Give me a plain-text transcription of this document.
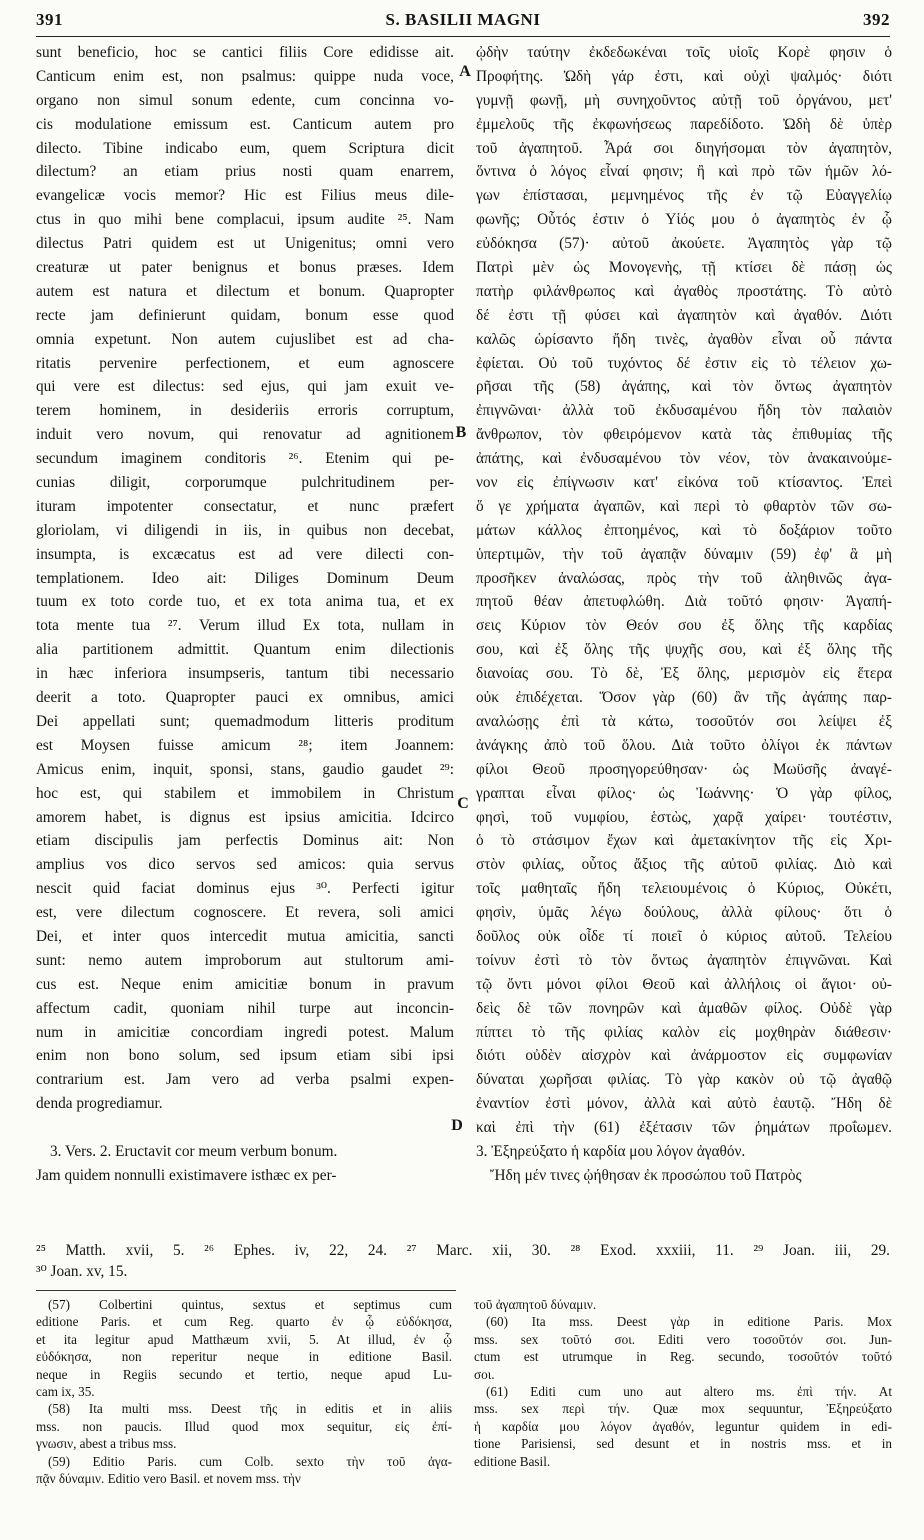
391	S. BASILII MAGNI	392
sunt beneficio, hoc se cantici filiis Core edidisse ait.
Canticum enim est, non psalmus: quippe nuda voce,
organo non simul sonum edente, cum concinna vo-
cis modulatione emissum est. Canticum autem pro
dilecto. Tibine indicabo eum, quem Scriptura dicit
dilectum? an etiam prius nosti quam enarrem,
evangelicæ vocis memor? Hic est Filius meus dile-
ctus in quo mihi bene complacui, ipsum audite ²⁵. Nam
dilectus Patri quidem est ut Unigenitus; omni vero
creaturæ ut pater benignus et bonus præses. Idem
autem est natura et dilectum et bonum. Quapropter
recte jam definierunt quidam, bonum esse quod
omnia expetunt. Non autem cujuslibet est ad cha-
ritatis pervenire perfectionem, et eum agnoscere
qui vere est dilectus: sed ejus, qui jam exuit ve-
terem hominem, in desideriis erroris corruptum,
induit vero novum, qui renovatur ad agnitionem
secundum imaginem conditoris ²⁶. Etenim qui pe-
cunias diligit, corporumque pulchritudinem per-
ituram impotenter consectatur, et nunc præfert
gloriolam, vi diligendi in iis, in quibus non decebat,
insumpta, is excæcatus est ad vere dilecti con-
templationem. Ideo ait: Diliges Dominum Deum
tuum ex toto corde tuo, et ex tota anima tua, et ex
tota mente tua ²⁷. Verum illud Ex tota, nullam in
alia partitionem admittit. Quantum enim dilectionis
in hæc inferiora insumpseris, tantum tibi necessario
deerit a toto. Quapropter pauci ex omnibus, amici
Dei appellati sunt; quemadmodum litteris proditum
est Moysen fuisse amicum ²⁸; item Joannem:
Amicus enim, inquit, sponsi, stans, gaudio gaudet ²⁹:
hoc est, qui stabilem et immobilem in Christum
amorem habet, is dignus est ipsius amicitia. Idcirco
etiam discipulis jam perfectis Dominus ait: Non
amplius vos dico servos sed amicos: quia servus
nescit quid faciat dominus ejus ³⁰. Perfecti igitur
est, vere dilectum cognoscere. Et revera, soli amici
Dei, et inter quos intercedit mutua amicitia, sancti
sunt: nemo autem improborum aut stultorum ami-
cus est. Neque enim amicitiæ bonum in pravum
affectum cadit, quoniam nihil turpe aut inconcin-
num in amicitiæ concordiam ingredi potest. Malum
enim non bono solum, sed ipsum etiam sibi ipsi
contrarium est. Jam vero ad verba psalmi expen-
denda progrediamur.
3. Vers. 2. Eructavit cor meum verbum bonum.
Jam quidem nonnulli existimavere isthæc ex per-
ᾠδὴν ταύτην ἐκδεδωκέναι τοῖς υἱοῖς Κορὲ φησιν ὁ
Προφήτης. Ὠδὴ γάρ ἐστι, καὶ οὐχὶ ψαλμός· διότι
γυμνῇ φωνῇ, μὴ συνηχοῦντος αὐτῇ τοῦ ὀργάνου, μετ'
ἐμμελοῦς τῆς ἐκφωνήσεως παρεδίδοτο. Ὠδὴ δὲ ὑπὲρ
τοῦ ἀγαπητοῦ. Ἆρά σοι διηγήσομαι τὸν ἀγαπητὸν,
ὅντινα ὁ λόγος εἶναί φησιν; ἢ καὶ πρὸ τῶν ἡμῶν λό-
γων ἐπίστασαι, μεμνημένος τῆς ἐν τῷ Εὐαγγελίῳ
φωνῆς; Οὗτός ἐστιν ὁ Υἱός μου ὁ ἀγαπητὸς ἐν ᾧ
εὐδόκησα (57)· αὐτοῦ ἀκούετε. Ἀγαπητὸς γὰρ τῷ
Πατρὶ μὲν ὡς Μονογενὴς, τῇ κτίσει δὲ πάσῃ ὡς
πατὴρ φιλάνθρωπος καὶ ἀγαθὸς προστάτης. Τὸ αὐτὸ
δέ ἐστι τῇ φύσει καὶ ἀγαπητὸν καὶ ἀγαθόν. Διότι
καλῶς ὡρίσαντο ἤδη τινὲς, ἀγαθὸν εἶναι οὗ πάντα
ἐφίεται. Οὐ τοῦ τυχόντος δέ ἐστιν εἰς τὸ τέλειον χω-
ρῆσαι τῆς (58) ἀγάπης, καὶ τὸν ὄντως ἀγαπητὸν
ἐπιγνῶναι· ἀλλὰ τοῦ ἐκδυσαμένου ἤδη τὸν παλαιὸν
ἄνθρωπον, τὸν φθειρόμενον κατὰ τὰς ἐπιθυμίας τῆς
ἀπάτης, καὶ ἐνδυσαμένου τὸν νέον, τὸν ἀνακαινούμε-
νον εἰς ἐπίγνωσιν κατ' εἰκόνα τοῦ κτίσαντος. Ἐπεὶ
ὅ γε χρήματα ἀγαπῶν, καὶ περὶ τὸ φθαρτὸν τῶν σω-
μάτων κάλλος ἐπτοημένος, καὶ τὸ δοξάριον τοῦτο
ὑπερτιμῶν, τὴν τοῦ ἀγαπᾷν δύναμιν (59) ἐφ' ἃ μὴ
προσῆκεν ἀναλώσας, πρὸς τὴν τοῦ ἀληθινῶς ἀγα-
πητοῦ θέαν ἀπετυφλώθη. Διὰ τοῦτό φησιν· Ἀγαπή-
σεις Κύριον τὸν Θεόν σου ἐξ ὅλης τῆς καρδίας
σου, καὶ ἐξ ὅλης τῆς ψυχῆς σου, καὶ ἐξ ὅλης τῆς
διανοίας σου. Τὸ δὲ, Ἐξ ὅλης, μερισμὸν εἰς ἕτερα
οὐκ ἐπιδέχεται. Ὅσον γὰρ (60) ἂν τῆς ἀγάπης παρ-
αναλώσῃς ἐπὶ τὰ κάτω, τοσοῦτόν σοι λείψει ἐξ
ἀνάγκης ἀπὸ τοῦ ὅλου. Διὰ τοῦτο ὀλίγοι ἐκ πάντων
φίλοι Θεοῦ προσηγορεύθησαν· ὡς Μωϋσῆς ἀναγέ-
γραπται εἶναι φίλος· ὡς Ἰωάννης· Ὁ γὰρ φίλος,
φησὶ, τοῦ νυμφίου, ἑστὼς, χαρᾷ χαίρει· τουτέστιν,
ὁ τὸ στάσιμον ἔχων καὶ ἀμετακίνητον τῆς εἰς Χρι-
στὸν φιλίας, οὗτος ἄξιος τῆς αὐτοῦ φιλίας. Διὸ καὶ
τοῖς μαθηταῖς ἤδη τελειουμένοις ὁ Κύριος, Οὐκέτι,
φησὶν, ὑμᾶς λέγω δούλους, ἀλλὰ φίλους· ὅτι ὁ
δοῦλος οὐκ οἶδε τί ποιεῖ ὁ κύριος αὐτοῦ. Τελείου
τοίνυν ἐστὶ τὸ τὸν ὄντως ἀγαπητὸν ἐπιγνῶναι. Καὶ
τῷ ὄντι μόνοι φίλοι Θεοῦ καὶ ἀλλήλοις οἱ ἅγιοι· οὐ-
δεὶς δὲ τῶν πονηρῶν καὶ ἀμαθῶν φίλος. Οὐδὲ γὰρ
πίπτει τὸ τῆς φιλίας καλὸν εἰς μοχθηρὰν διάθεσιν·
διότι οὐδὲν αἰσχρὸν καὶ ἀνάρμοστον εἰς συμφωνίαν
δύναται χωρῆσαι φιλίας. Τὸ γὰρ κακὸν οὐ τῷ ἀγαθῷ
ἐναντίον ἐστὶ μόνον, ἀλλὰ καὶ αὐτὸ ἑαυτῷ. Ἤδη δὲ
καὶ ἐπὶ τὴν (61) ἐξέτασιν τῶν ῥημάτων προΐωμεν.
3. Ἐξηρεύξατο ἡ καρδία μου λόγον ἀγαθόν.
Ἤδη μέν τινες ᾠήθησαν ἐκ προσώπου τοῦ Πατρὸς
A
B
C
D
²⁵ Matth. xvii, 5. ²⁶ Ephes. iv, 22, 24. ²⁷ Marc. xii, 30. ²⁸ Exod. xxxiii, 11. ²⁹ Joan. iii, 29.
³⁰ Joan. xv, 15.
(57) Colbertini quintus, sextus et septimus cum
editione Paris. et cum Reg. quarto ἐν ᾧ εὐδόκησα,
et ita legitur apud Matthæum xvii, 5. At illud, ἐν ᾧ
εὐδόκησα, non reperitur neque in editione Basil.
neque in Regiis secundo et tertio, neque apud Lu-
cam ix, 35.
(58) Ita multi mss. Deest τῆς in editis et in aliis
mss. non paucis. Illud quod mox sequitur, εἰς ἐπί-
γνωσιν, abest a tribus mss.
(59) Editio Paris. cum Colb. sexto τὴν τοῦ ἀγα-
πᾷν δύναμιν. Editio vero Basil. et novem mss. τὴν
τοῦ ἀγαπητοῦ δύναμιν.
(60) Ita mss. Deest γὰρ in editione Paris. Mox
mss. sex τοῦτό σοι. Editi vero τοσοῦτόν σοι. Jun-
ctum est utrumque in Reg. secundo, τοσοῦτόν τοῦτό
σοι.
(61) Editi cum uno aut altero ms. ἐπὶ τήν. At
mss. sex περὶ τήν. Quæ mox sequuntur, Ἐξηρεύξατο
ἡ καρδία μου λόγον ἀγαθόν, leguntur quidem in edi-
tione Parisiensi, sed desunt et in nostris mss. et in
editione Basil.
